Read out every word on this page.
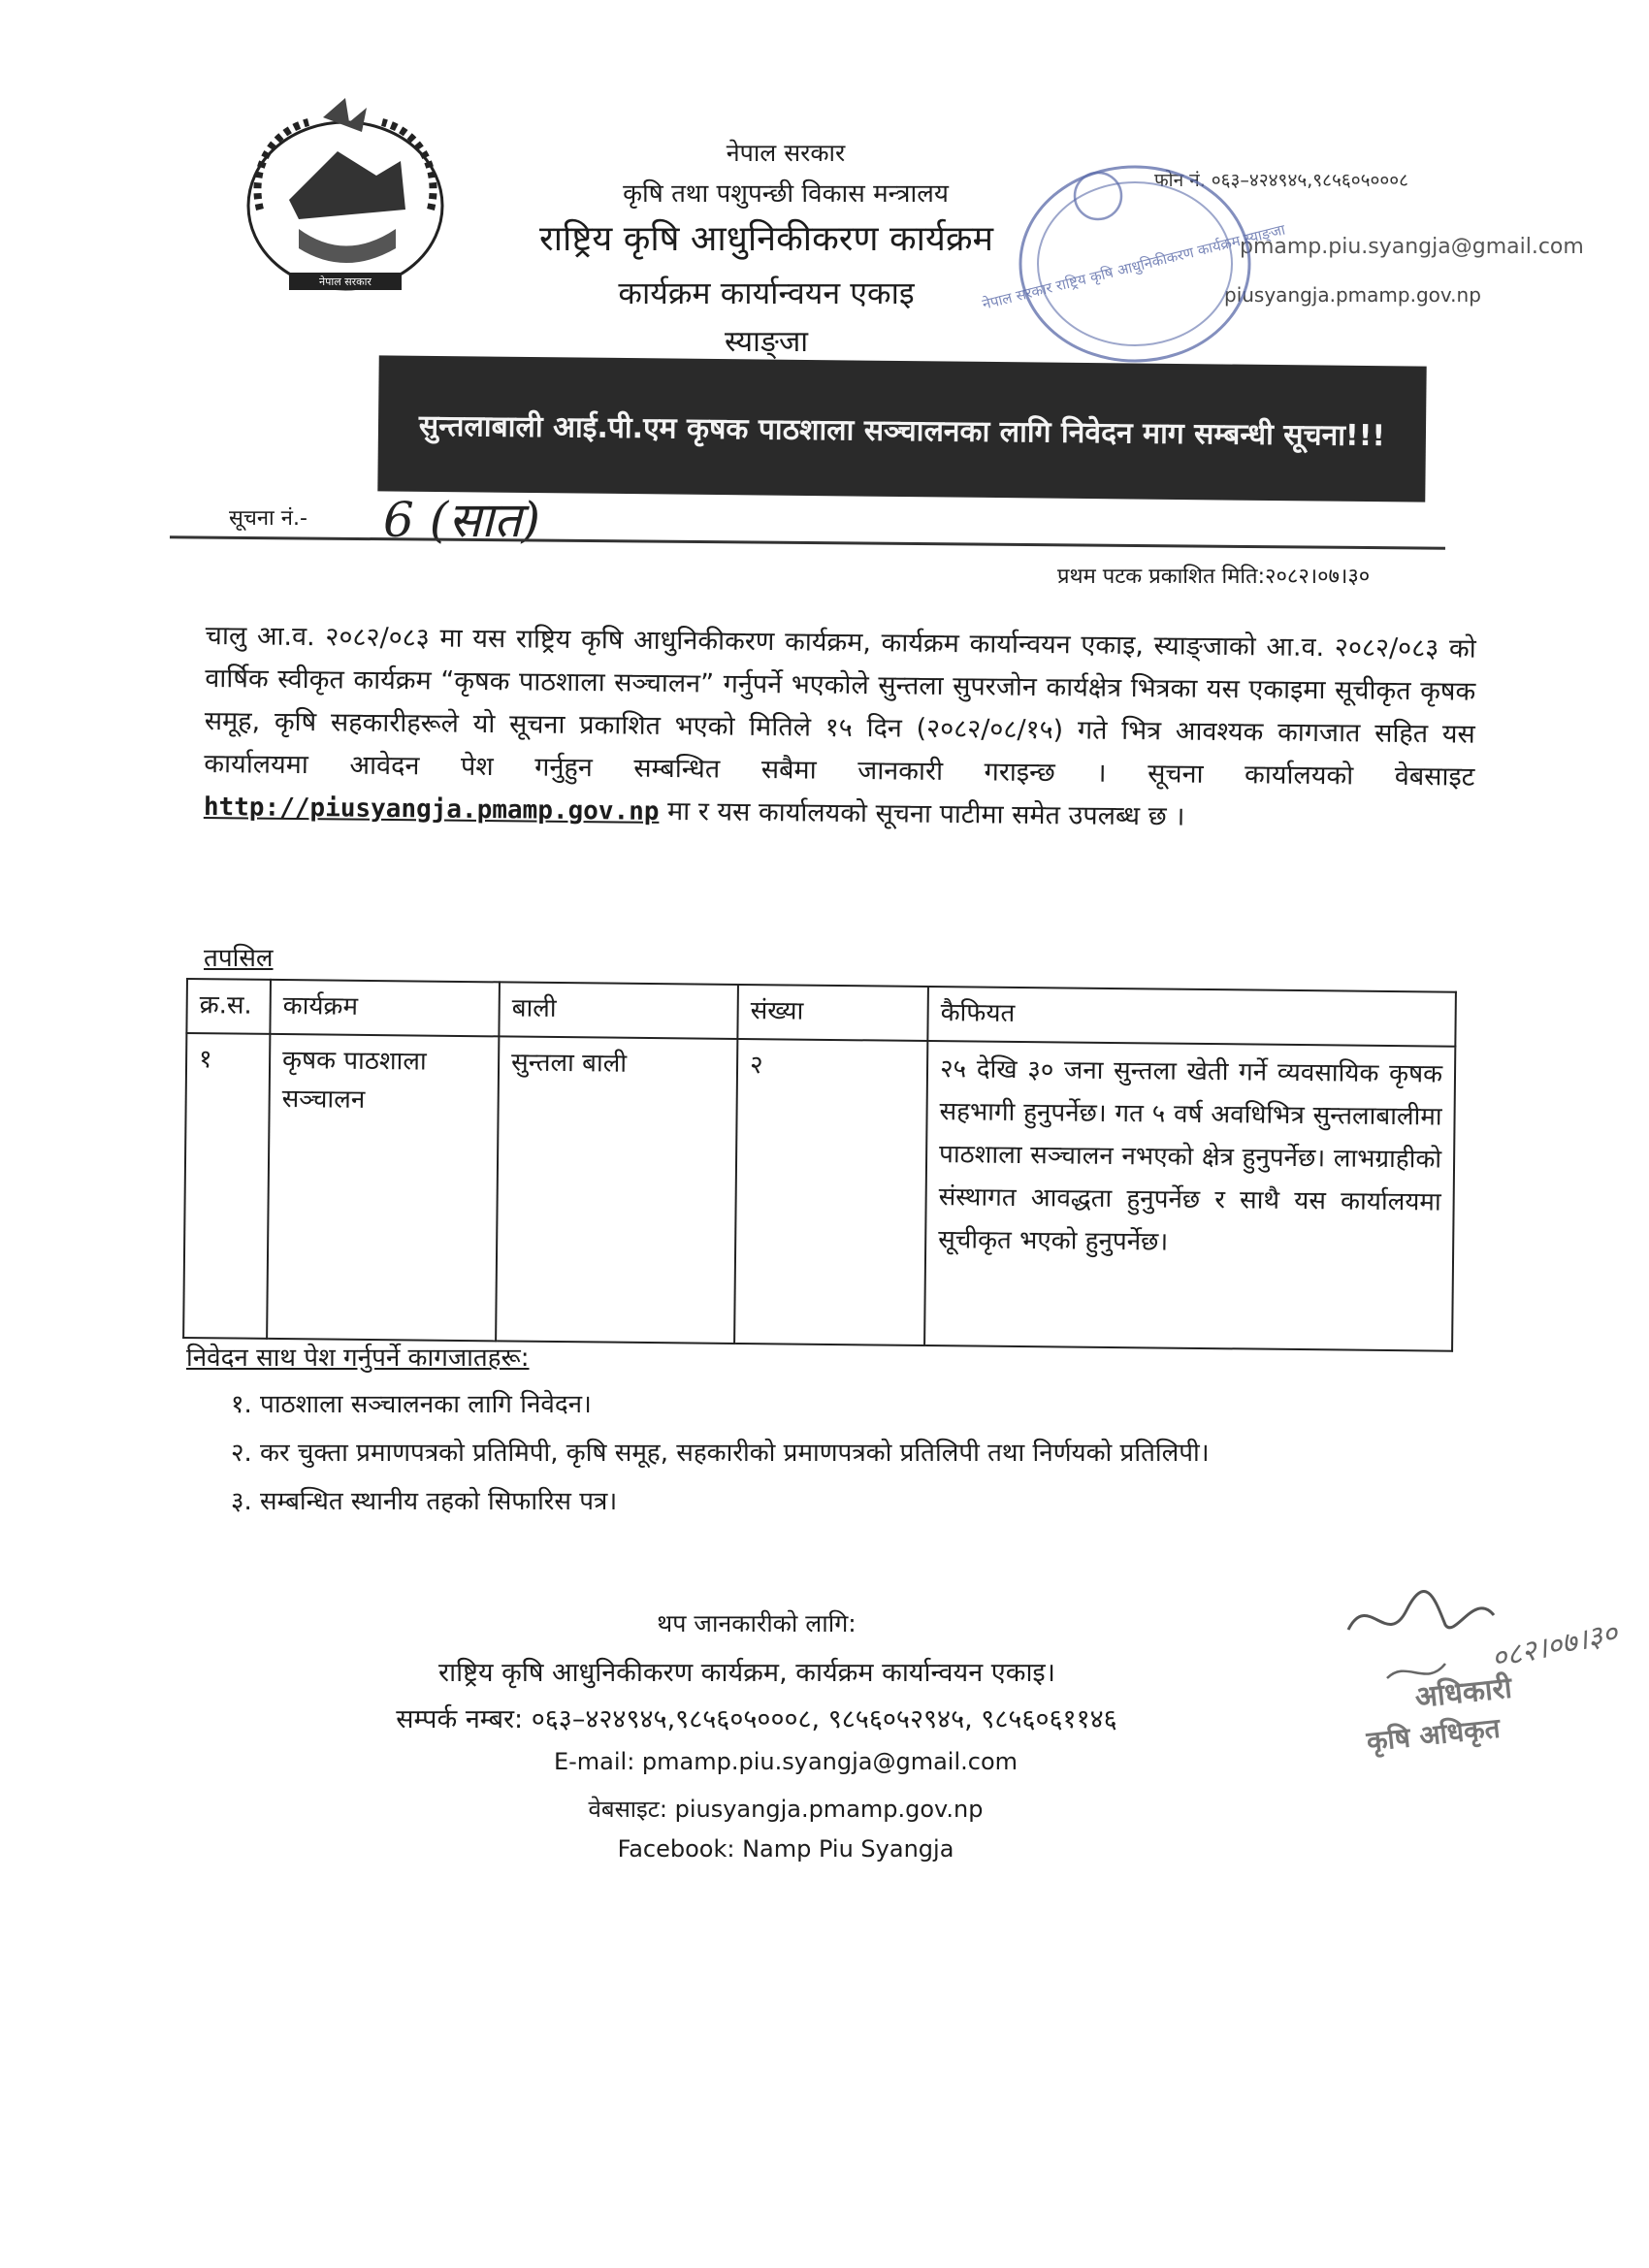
नेपाल सरकार
नेपाल सरकार
कृषि तथा पशुपन्छी विकास मन्त्रालय
राष्ट्रिय कृषि आधुनिकीकरण कार्यक्रम
कार्यक्रम कार्यान्वयन एकाइ
स्याङ्जा
फोन नं. ०६३–४२४९४५,९८५६०५०००८
pmamp.piu.syangja@gmail.com
piusyangja.pmamp.gov.np
नेपाल सरकार राष्ट्रिय कृषि आधुनिकीकरण कार्यक्रम स्याङ्जा
सुन्तलाबाली आई.पी.एम कृषक पाठशाला सञ्चालनका लागि निवेदन माग सम्बन्धी सूचना!!!
सूचना नं.- 6 (सात)
प्रथम पटक प्रकाशित मिति:२०८२।०७।३०
चालु आ.व. २०८२/०८३ मा यस राष्ट्रिय कृषि आधुनिकीकरण कार्यक्रम, कार्यक्रम कार्यान्वयन एकाइ, स्याङ्जाको आ.व. २०८२/०८३ को वार्षिक स्वीकृत कार्यक्रम “कृषक पाठशाला सञ्चालन” गर्नुपर्ने भएकोले सुन्तला सुपरजोन कार्यक्षेत्र भित्रका यस एकाइमा सूचीकृत कृषक समूह, कृषि सहकारीहरूले यो सूचना प्रकाशित भएको मितिले १५ दिन (२०८२/०८/१५) गते भित्र आवश्यक कागजात सहित यस कार्यालयमा आवेदन पेश गर्नुहुन सम्बन्धित सबैमा जानकारी गराइन्छ । सूचना कार्यालयको वेबसाइट http://piusyangja.pmamp.gov.np मा र यस कार्यालयको सूचना पाटीमा समेत उपलब्ध छ ।
तपसिल
क्र.स.	कार्यक्रम	बाली	संख्या	कैफियत
१	कृषक पाठशाला सञ्चालन	सुन्तला बाली	२	२५ देखि ३० जना सुन्तला खेती गर्ने व्यवसायिक कृषक सहभागी हुनुपर्नेछ। गत ५ वर्ष अवधिभित्र सुन्तलाबालीमा पाठशाला सञ्चालन नभएको क्षेत्र हुनुपर्नेछ। लाभग्राहीको संस्थागत आवद्धता हुनुपर्नेछ र साथै यस कार्यालयमा सूचीकृत भएको हुनुपर्नेछ।
निवेदन साथ पेश गर्नुपर्ने कागजातहरू:
१. पाठशाला सञ्चालनका लागि निवेदन।
२. कर चुक्ता प्रमाणपत्रको प्रतिमिपी, कृषि समूह, सहकारीको प्रमाणपत्रको प्रतिलिपी तथा निर्णयको प्रतिलिपी।
३. सम्बन्धित स्थानीय तहको सिफारिस पत्र।
थप जानकारीको लागि:
राष्ट्रिय कृषि आधुनिकीकरण कार्यक्रम, कार्यक्रम कार्यान्वयन एकाइ।
सम्पर्क नम्बर: ०६३–४२४९४५,९८५६०५०००८, ९८५६०५२९४५, ९८५६०६११४६
E-mail: pmamp.piu.syangja@gmail.com
वेबसाइट: piusyangja.pmamp.gov.np
Facebook: Namp Piu Syangja
०८२।०७।३०
अधिकारी
कृषि अधिकृत
